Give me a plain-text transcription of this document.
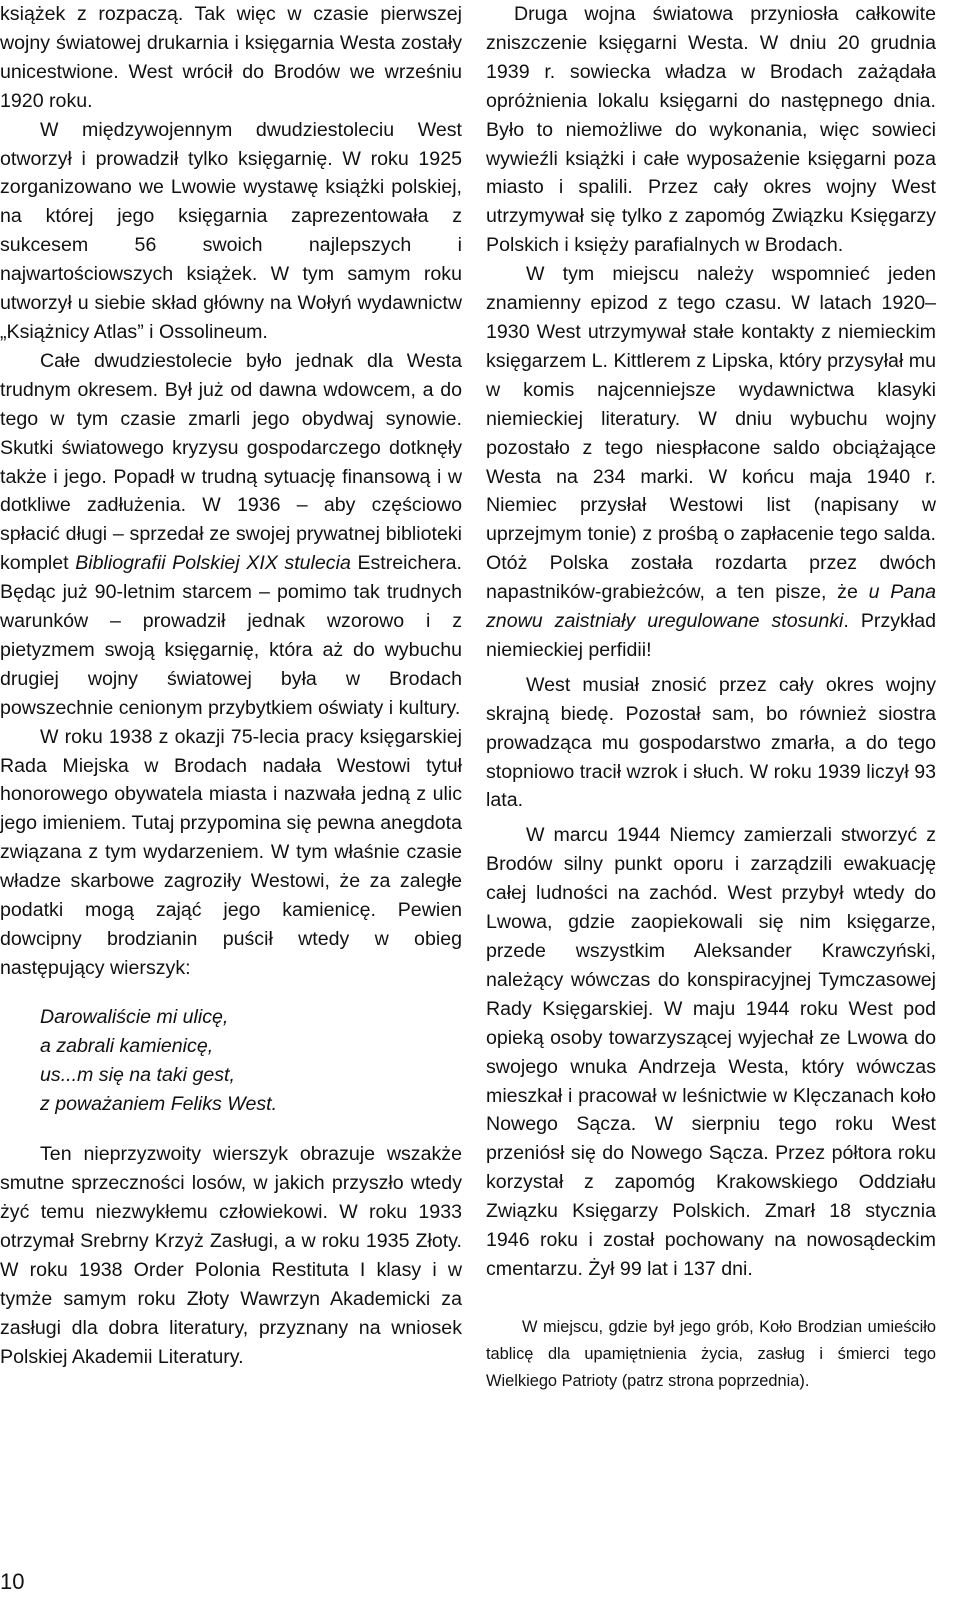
książek z rozpaczą. Tak więc w czasie pierwszej wojny światowej drukarnia i księgarnia Westa zostały unicestwione. West wrócił do Brodów we wrześniu 1920 roku.

W międzywojennym dwudziestoleciu West otworzył i prowadził tylko księgarnię. W roku 1925 zorganizowano we Lwowie wystawę książki polskiej, na której jego księgarnia zaprezentowała z sukcesem 56 swoich najlepszych i najwartościowszych książek. W tym samym roku utworzył u siebie skład główny na Wołyń wydawnictw „Książnicy Atlas” i Ossolineum.

Całe dwudziestolecie było jednak dla Westa trudnym okresem. Był już od dawna wdowcem, a do tego w tym czasie zmarli jego obydwaj synowie. Skutki światowego kryzysu gospodarczego dotknęły także i jego. Popadł w trudną sytuację finansową i w dotkliwe zadłużenia. W 1936 – aby częściowo spłacić długi – sprzedał ze swojej prywatnej biblioteki komplet Bibliografii Polskiej XIX stulecia Estreichera. Będąc już 90-letnim starcem – pomimo tak trudnych warunków – prowadził jednak wzorowo i z pietyzmem swoją księgarnię, która aż do wybuchu drugiej wojny światowej była w Brodach powszechnie cenionym przybytkiem oświaty i kultury.

W roku 1938 z okazji 75-lecia pracy księgarskiej Rada Miejska w Brodach nadała Westowi tytuł honorowego obywatela miasta i nazwała jedną z ulic jego imieniem. Tutaj przypomina się pewna anegdota związana z tym wydarzeniem. W tym właśnie czasie władze skarbowe zagroziły Westowi, że za zaległe podatki mogą zająć jego kamienicę. Pewien dowcipny brodzianin puścił wtedy w obieg następujący wierszyk:

Darowaliście mi ulicę,
a zabrali kamienicę,
us...m się na taki gest,
z poważaniem Feliks West.

Ten nieprzyzwoity wierszyk obrazuje wszakże smutne sprzeczności losów, w jakich przyszło wtedy żyć temu niezwykłemu człowiekowi. W roku 1933 otrzymał Srebrny Krzyż Zasługi, a w roku 1935 Złoty. W roku 1938 Order Polonia Restituta I klasy i w tymże samym roku Złoty Wawrzyn Akademicki za zasługi dla dobra literatury, przyznany na wniosek Polskiej Akademii Literatury.

Druga wojna światowa przyniosła całkowite zniszczenie księgarni Westa. W dniu 20 grudnia 1939 r. sowiecka władza w Brodach zażądała opróżnienia lokalu księgarni do następnego dnia. Było to niemożliwe do wykonania, więc sowieci wywieźli książki i całe wyposażenie księgarni poza miasto i spalili. Przez cały okres wojny West utrzymywał się tylko z zapomóg Związku Księgarzy Polskich i księży parafialnych w Brodach.

W tym miejscu należy wspomnieć jeden znamienny epizod z tego czasu. W latach 1920–1930 West utrzymywał stałe kontakty z niemieckim księgarzem L. Kittlerem z Lipska, który przysyłał mu w komis najcenniejsze wydawnictwa klasyki niemieckiej literatury. W dniu wybuchu wojny pozostało z tego niespłacone saldo obciążające Westa na 234 marki. W końcu maja 1940 r. Niemiec przysłał Westowi list (napisany w uprzejmym tonie) z prośbą o zapłacenie tego salda. Otóż Polska została rozdarta przez dwóch napastników-grabieżców, a ten pisze, że u Pana znowu zaistniały uregulowane stosunki. Przykład niemieckiej perfidii!

West musiał znosić przez cały okres wojny skrajną biedę. Pozostał sam, bo również siostra prowadząca mu gospodarstwo zmarła, a do tego stopniowo tracił wzrok i słuch. W roku 1939 liczył 93 lata.

W marcu 1944 Niemcy zamierzali stworzyć z Brodów silny punkt oporu i zarządzili ewakuację całej ludności na zachód. West przybył wtedy do Lwowa, gdzie zaopiekowali się nim księgarze, przede wszystkim Aleksander Krawczyński, należący wówczas do konspiracyjnej Tymczasowej Rady Księgarskiej. W maju 1944 roku West pod opieką osoby towarzyszącej wyjechał ze Lwowa do swojego wnuka Andrzeja Westa, który wówczas mieszkał i pracował w leśnictwie w Klęczanach koło Nowego Sącza. W sierpniu tego roku West przeniósł się do Nowego Sącza. Przez półtora roku korzystał z zapomóg Krakowskiego Oddziału Związku Księgarzy Polskich. Zmarł 18 stycznia 1946 roku i został pochowany na nowosądeckim cmentarzu. Żył 99 lat i 137 dni.

W miejscu, gdzie był jego grób, Koło Brodzian umieściło tablicę dla upamiętnienia życia, zasług i śmierci tego Wielkiego Patrioty (patrz strona poprzednia).

10
